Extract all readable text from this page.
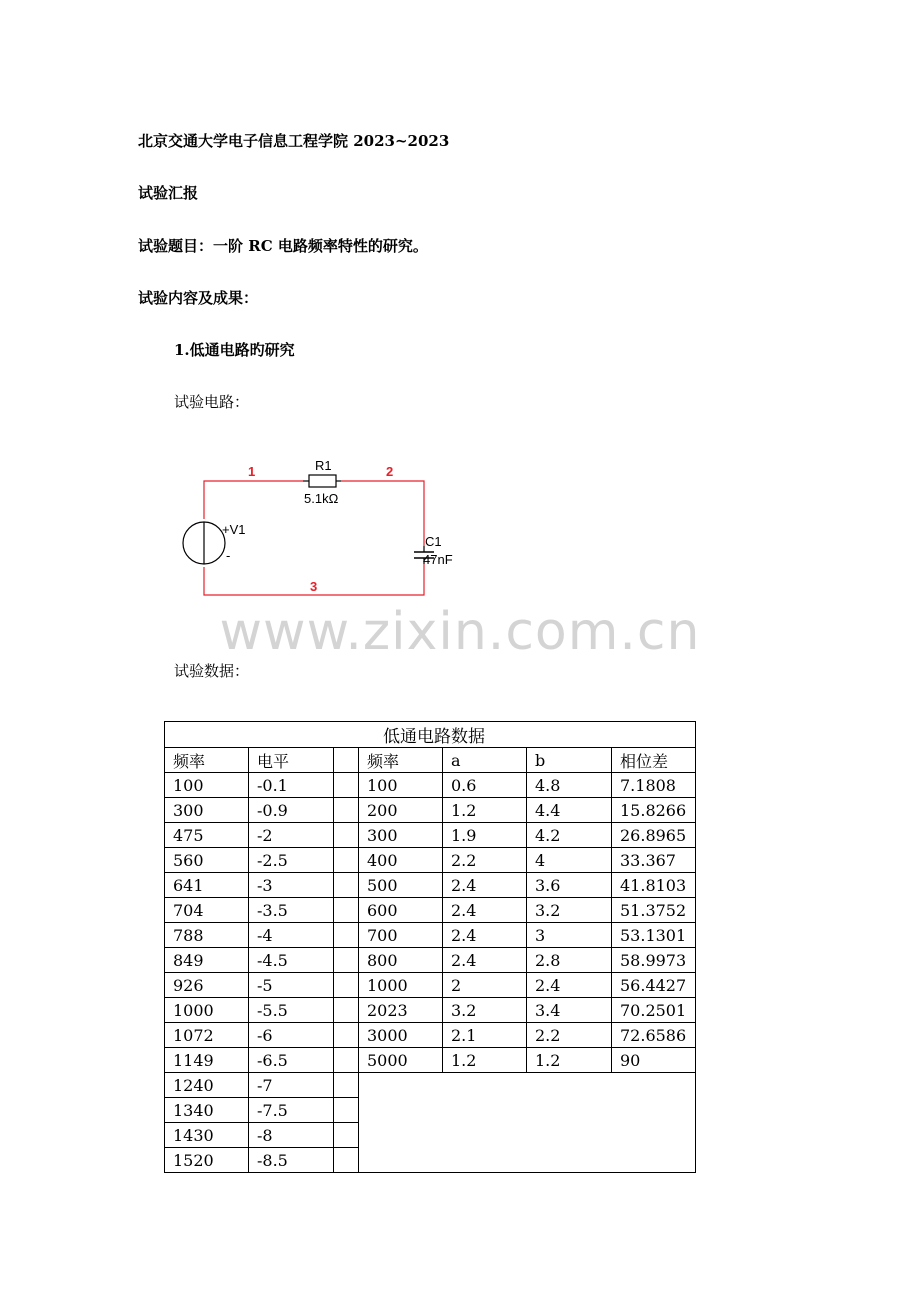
北京交通大学电子信息工程学院 2023~2023
试验汇报
试验题目：一阶 RC 电路频率特性的研究。
试验内容及成果：
1.低通电路旳研究
试验电路：
R1
5.1kΩ
C1
47nF
+V1
-
1	2
3
www.zixin.com.cn
试验数据：
低通电路数据						
频率	电平		频率	a	b	相位差
100	-0.1		100	0.6	4.8	7.1808
300	-0.9		200	1.2	4.4	15.8266
475	-2		300	1.9	4.2	26.8965
560	-2.5		400	2.2	4	33.367
641	-3		500	2.4	3.6	41.8103
704	-3.5		600	2.4	3.2	51.3752
788	-4		700	2.4	3	53.1301
849	-4.5		800	2.4	2.8	58.9973
926	-5		1000	2	2.4	56.4427
1000	-5.5		2023	3.2	3.4	70.2501
1072	-6		3000	2.1	2.2	72.6586
1149	-6.5		5000	1.2	1.2	90
1240	-7					
1340	-7.5					
1430	-8					
1520	-8.5					
